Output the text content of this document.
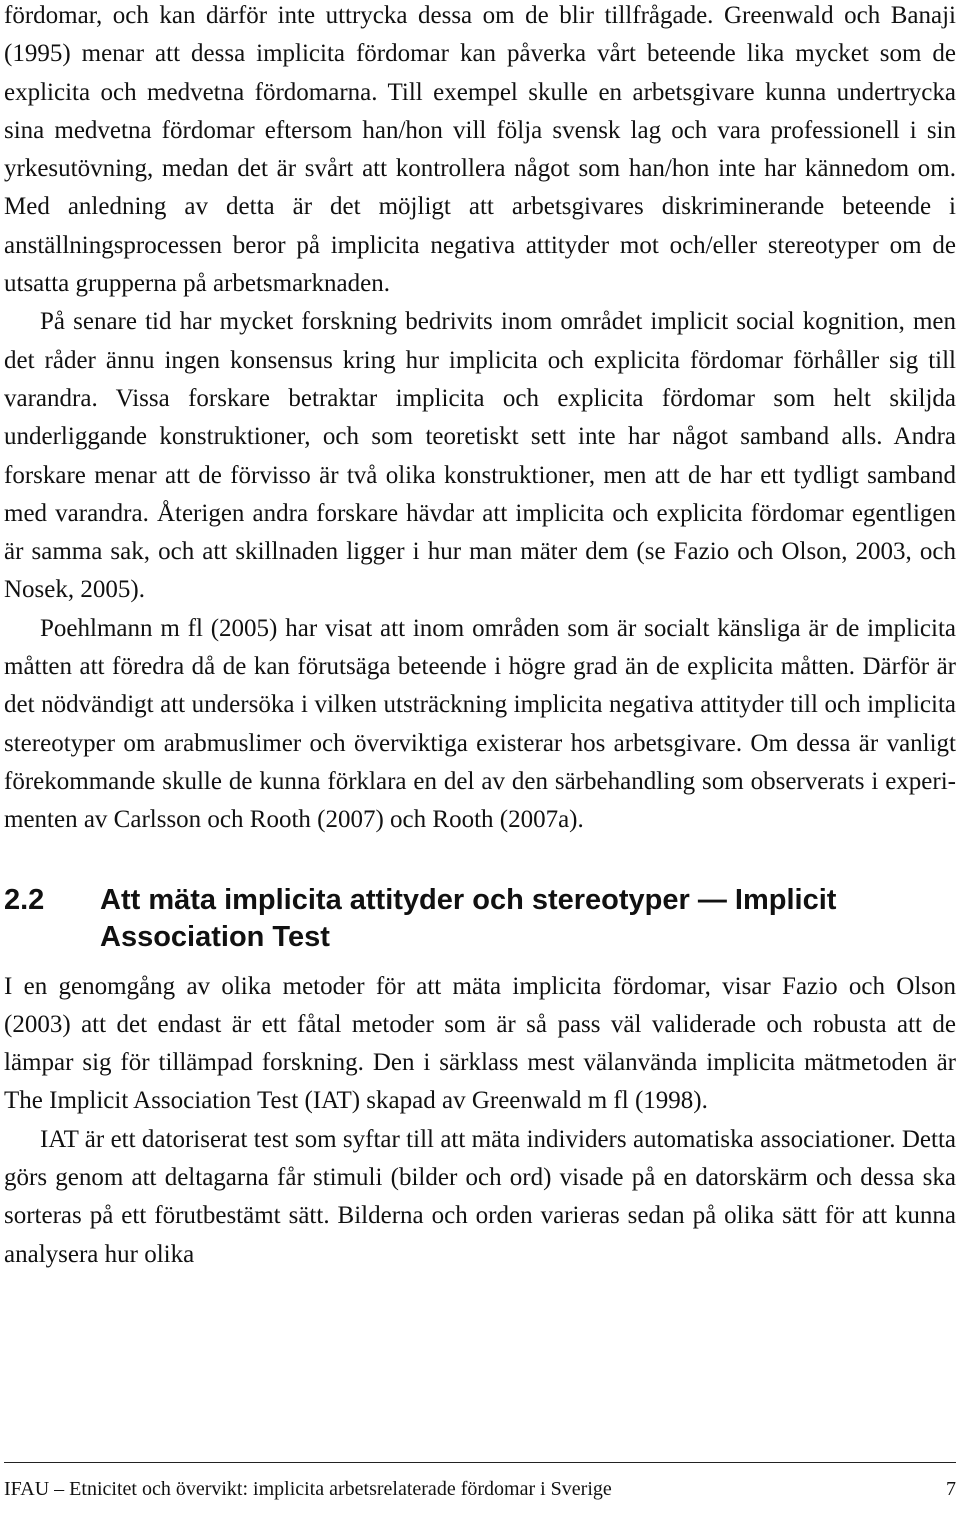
fördomar, och kan därför inte uttrycka dessa om de blir tillfrågade. Greenwald och Banaji (1995) menar att dessa implicita fördomar kan påverka vårt beteende lika mycket som de explicita och medvetna fördomarna. Till exempel skulle en arbetsgivare kunna undertrycka sina medvetna fördomar eftersom han/hon vill följa svensk lag och vara professionell i sin yrkesutövning, medan det är svårt att kontrollera något som han/hon inte har kännedom om. Med anledning av detta är det möjligt att arbetsgivares diskriminerande beteende i anställningsprocessen beror på implicita negativa attityder mot och/eller stereotyper om de utsatta grupperna på arbetsmarknaden.

På senare tid har mycket forskning bedrivits inom området implicit social kognition, men det råder ännu ingen konsensus kring hur implicita och explicita fördomar förhåller sig till varandra. Vissa forskare betraktar implicita och explicita fördomar som helt skiljda underliggande konstruktioner, och som teoretiskt sett inte har något samband alls. Andra forskare menar att de förvisso är två olika konstruktioner, men att de har ett tydligt samband med varandra. Återigen andra forskare hävdar att implicita och explicita fördomar egentligen är samma sak, och att skillnaden ligger i hur man mäter dem (se Fazio och Olson, 2003, och Nosek, 2005).

Poehlmann m fl (2005) har visat att inom områden som är socialt känsliga är de implicita måtten att föredra då de kan förutsäga beteende i högre grad än de explicita måtten. Därför är det nödvändigt att undersöka i vilken utsträckning implicita negativa attityder till och implicita stereotyper om arabmuslimer och överviktiga existerar hos arbetsgivare. Om dessa är vanligt förekommande skulle de kunna förklara en del av den särbehandling som observerats i experimenten av Carlsson och Rooth (2007) och Rooth (2007a).

2.2	Att mäta implicita attityder och stereotyper — Implicit Association Test

I en genomgång av olika metoder för att mäta implicita fördomar, visar Fazio och Olson (2003) att det endast är ett fåtal metoder som är så pass väl validerade och robusta att de lämpar sig för tillämpad forskning. Den i särklass mest välanvända implicita mätmetoden är The Implicit Association Test (IAT) skapad av Greenwald m fl (1998).

IAT är ett datoriserat test som syftar till att mäta individers automatiska associationer. Detta görs genom att deltagarna får stimuli (bilder och ord) visade på en datorskärm och dessa ska sorteras på ett förutbestämt sätt. Bilderna och orden varieras sedan på olika sätt för att kunna analysera hur olika

IFAU – Etnicitet och övervikt: implicita arbetsrelaterade fördomar i Sverige	7
